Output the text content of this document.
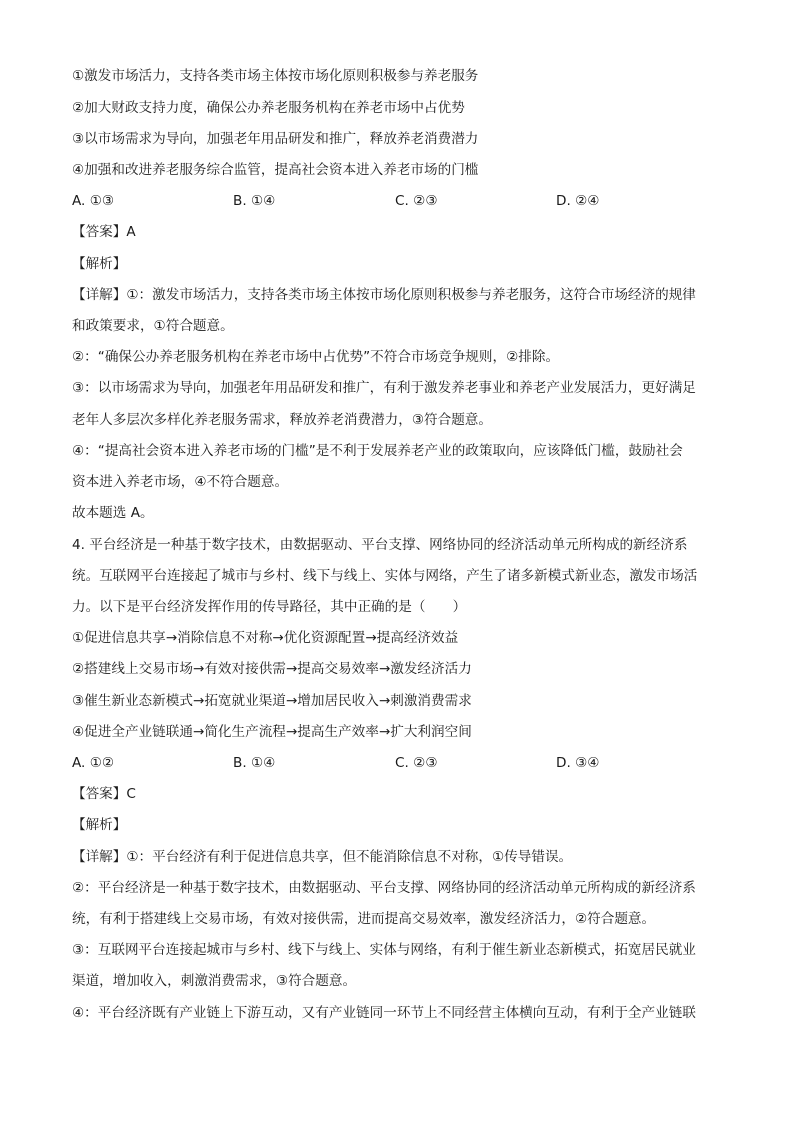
①激发市场活力，支持各类市场主体按市场化原则积极参与养老服务
②加大财政支持力度，确保公办养老服务机构在养老市场中占优势
③以市场需求为导向，加强老年用品研发和推广，释放养老消费潜力
④加强和改进养老服务综合监管，提高社会资本进入养老市场的门槛
A. ①③	B. ①④	C. ②③	D. ②④
【答案】A
【解析】
【详解】①：激发市场活力，支持各类市场主体按市场化原则积极参与养老服务，这符合市场经济的规律
和政策要求，①符合题意。
②：“确保公办养老服务机构在养老市场中占优势”不符合市场竞争规则，②排除。
③：以市场需求为导向，加强老年用品研发和推广，有利于激发养老事业和养老产业发展活力，更好满足
老年人多层次多样化养老服务需求，释放养老消费潜力，③符合题意。
④：“提高社会资本进入养老市场的门槛”是不利于发展养老产业的政策取向，应该降低门槛，鼓励社会
资本进入养老市场，④不符合题意。
故本题选 A。
4. 平台经济是一种基于数字技术，由数据驱动、平台支撑、网络协同的经济活动单元所构成的新经济系
统。互联网平台连接起了城市与乡村、线下与线上、实体与网络，产生了诸多新模式新业态，激发市场活
力。以下是平台经济发挥作用的传导路径，其中正确的是（　　）
①促进信息共享→消除信息不对称→优化资源配置→提高经济效益
②搭建线上交易市场→有效对接供需→提高交易效率→激发经济活力
③催生新业态新模式→拓宽就业渠道→增加居民收入→刺激消费需求
④促进全产业链联通→简化生产流程→提高生产效率→扩大利润空间
A. ①②	B. ①④	C. ②③	D. ③④
【答案】C
【解析】
【详解】①：平台经济有利于促进信息共享，但不能消除信息不对称，①传导错误。
②：平台经济是一种基于数字技术，由数据驱动、平台支撑、网络协同的经济活动单元所构成的新经济系
统，有利于搭建线上交易市场，有效对接供需，进而提高交易效率，激发经济活力，②符合题意。
③：互联网平台连接起城市与乡村、线下与线上、实体与网络，有利于催生新业态新模式，拓宽居民就业
渠道，增加收入，刺激消费需求，③符合题意。
④：平台经济既有产业链上下游互动，又有产业链同一环节上不同经营主体横向互动，有利于全产业链联
